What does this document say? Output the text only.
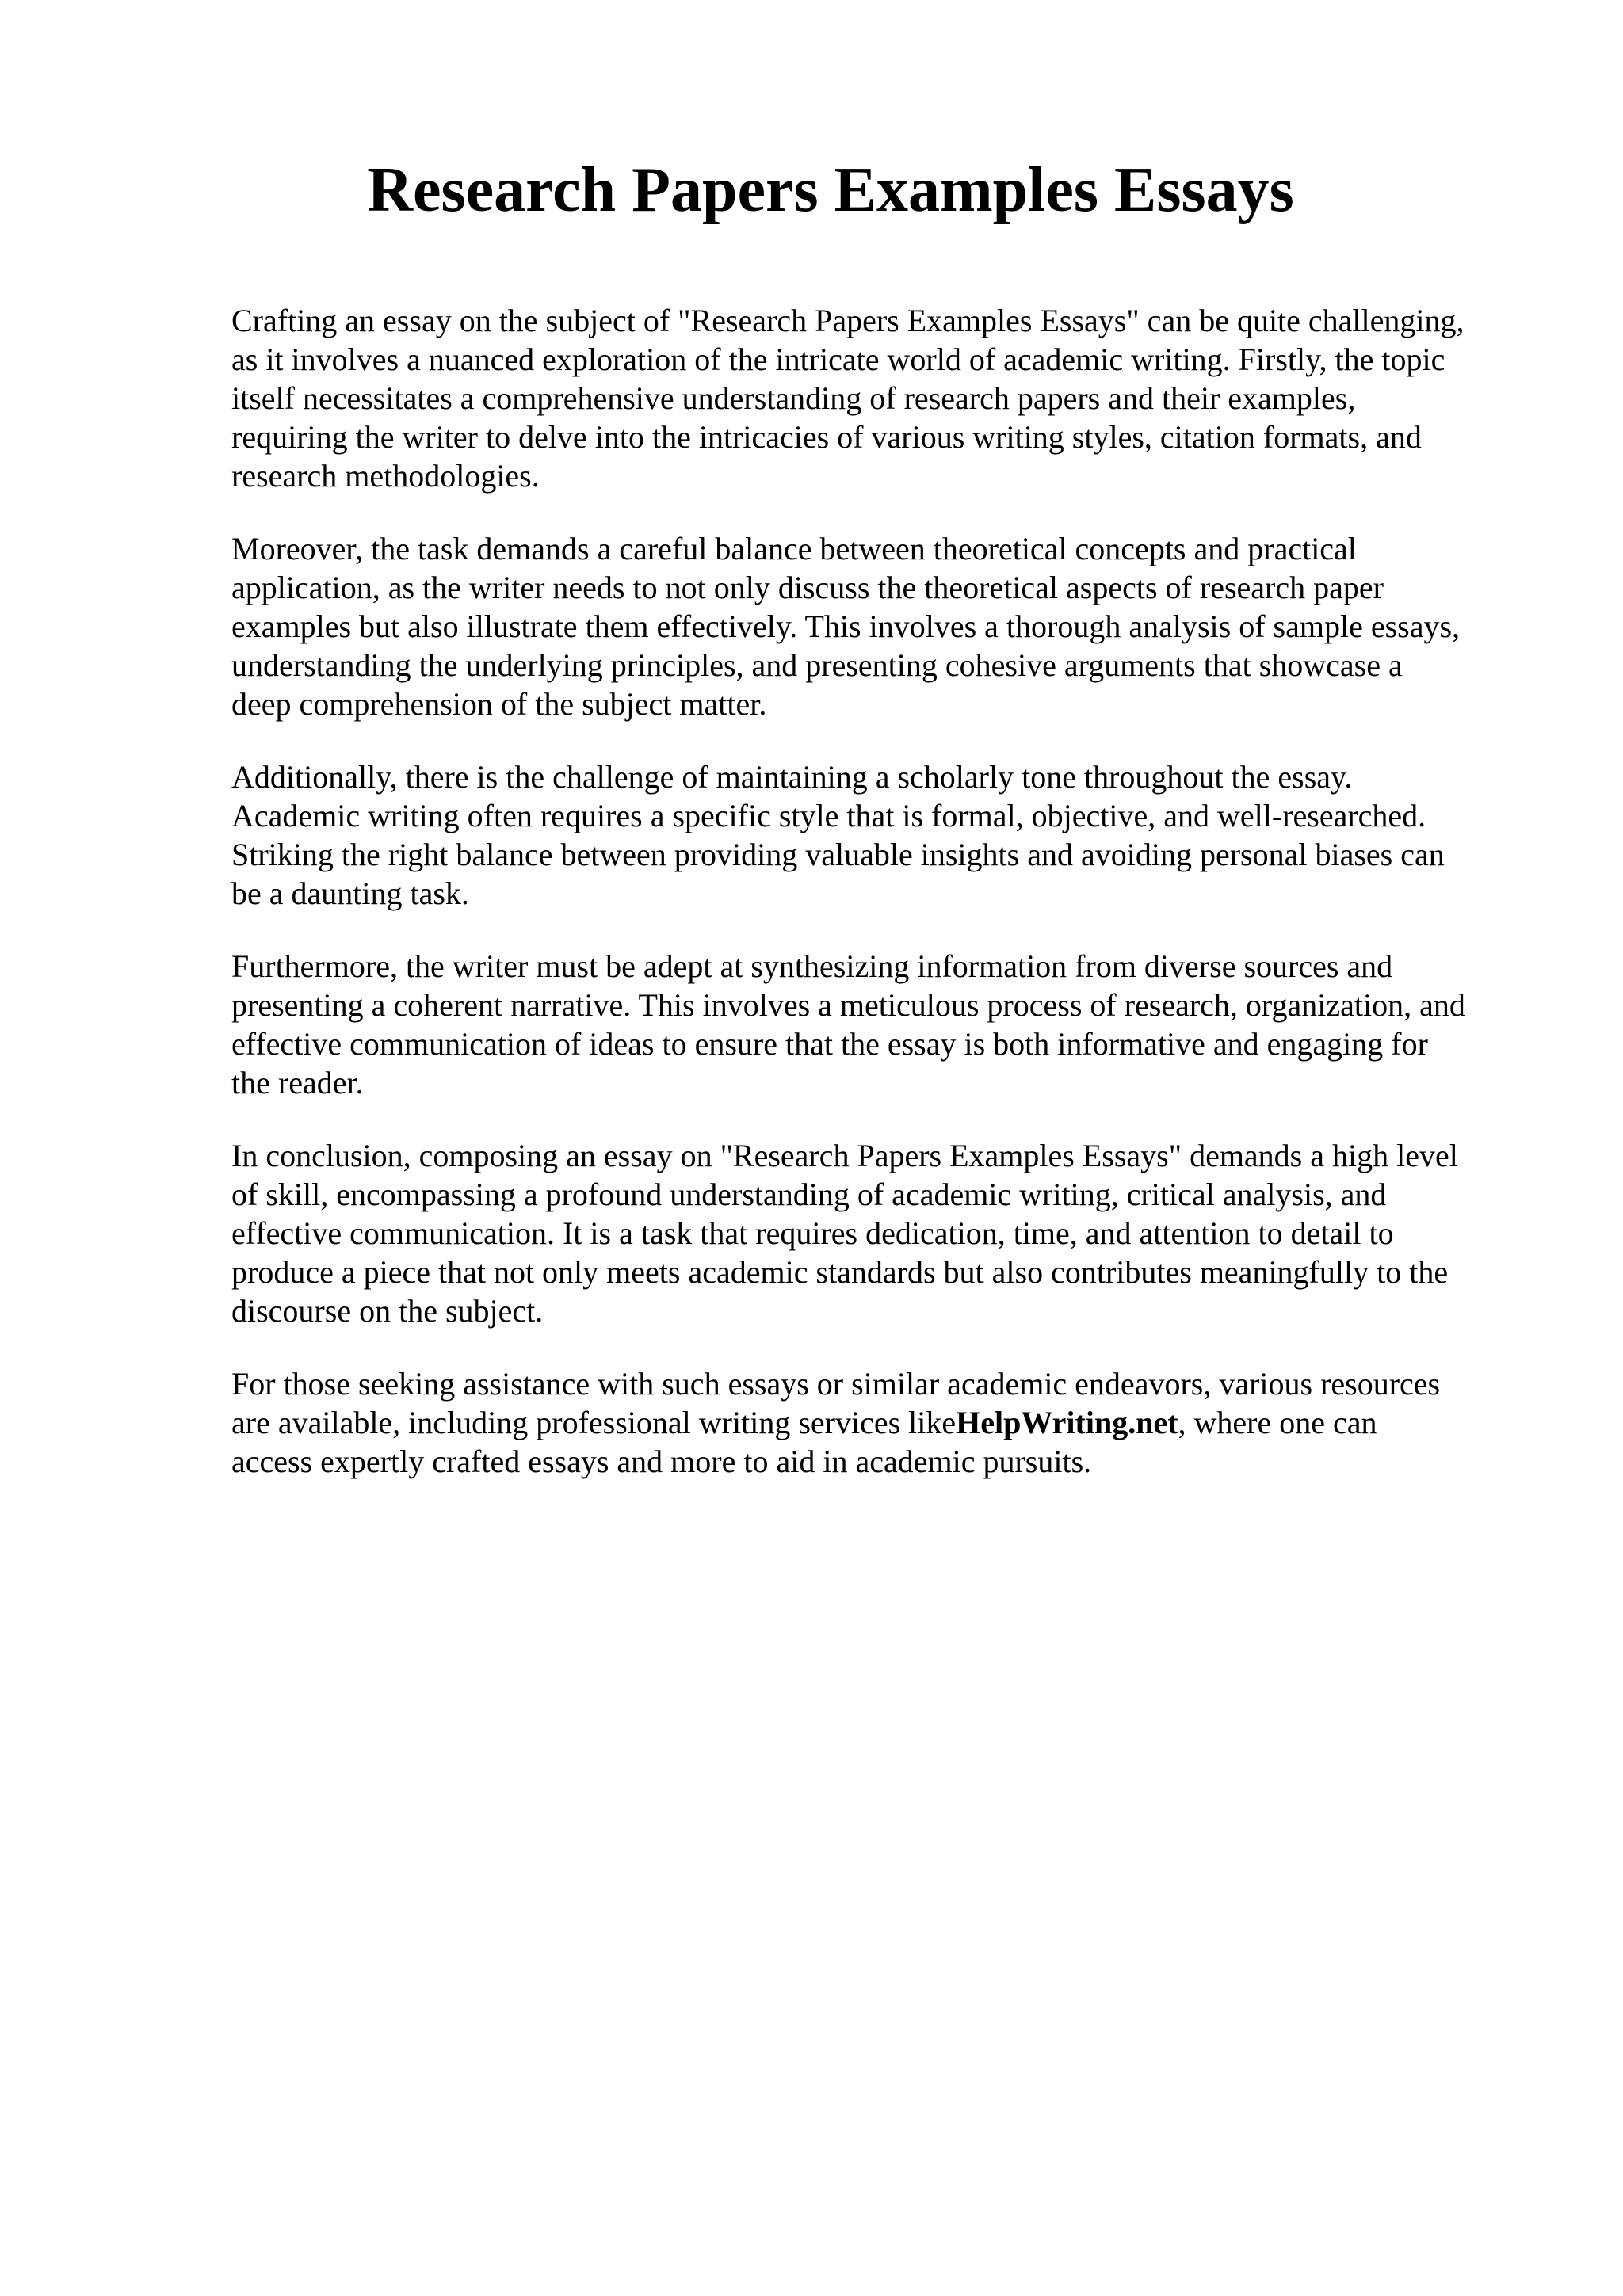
Research Papers Examples Essays

Crafting an essay on the subject of "Research Papers Examples Essays" can be quite challenging,
as it involves a nuanced exploration of the intricate world of academic writing. Firstly, the topic
itself necessitates a comprehensive understanding of research papers and their examples,
requiring the writer to delve into the intricacies of various writing styles, citation formats, and
research methodologies.

Moreover, the task demands a careful balance between theoretical concepts and practical
application, as the writer needs to not only discuss the theoretical aspects of research paper
examples but also illustrate them effectively. This involves a thorough analysis of sample essays,
understanding the underlying principles, and presenting cohesive arguments that showcase a
deep comprehension of the subject matter.

Additionally, there is the challenge of maintaining a scholarly tone throughout the essay.
Academic writing often requires a specific style that is formal, objective, and well-researched.
Striking the right balance between providing valuable insights and avoiding personal biases can
be a daunting task.

Furthermore, the writer must be adept at synthesizing information from diverse sources and
presenting a coherent narrative. This involves a meticulous process of research, organization, and
effective communication of ideas to ensure that the essay is both informative and engaging for
the reader.

In conclusion, composing an essay on "Research Papers Examples Essays" demands a high level
of skill, encompassing a profound understanding of academic writing, critical analysis, and
effective communication. It is a task that requires dedication, time, and attention to detail to
produce a piece that not only meets academic standards but also contributes meaningfully to the
discourse on the subject.

For those seeking assistance with such essays or similar academic endeavors, various resources
are available, including professional writing services likeHelpWriting.net, where one can
access expertly crafted essays and more to aid in academic pursuits.
